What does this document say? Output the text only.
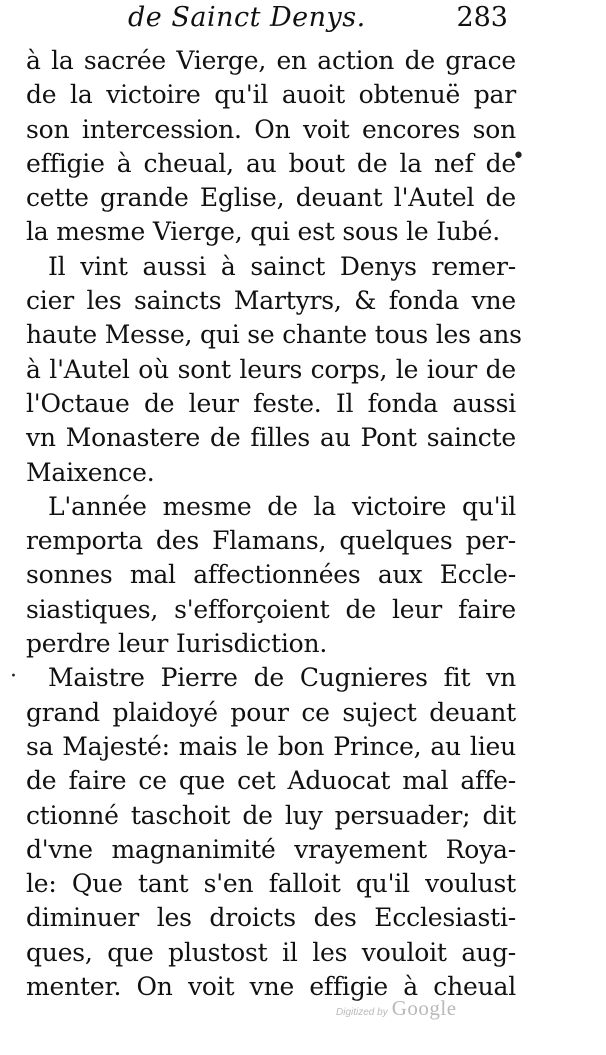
de Sainct Denys.	283
à la sacrée Vierge, en action de grace
de la victoire qu'il auoit obtenuë par
son intercession. On voit encores son
effigie à cheual, au bout de la nef de
cette grande Eglise, deuant l'Autel de
la mesme Vierge, qui est sous le Iubé.
Il vint aussi à sainct Denys remer-
cier les saincts Martyrs, & fonda vne
haute Messe, qui se chante tous les ans
à l'Autel où sont leurs corps, le iour de
l'Octaue de leur feste. Il fonda aussi
vn Monastere de filles au Pont saincte
Maixence.
L'année mesme de la victoire qu'il
remporta des Flamans, quelques per-
sonnes mal affectionnées aux Eccle-
siastiques, s'efforçoient de leur faire
perdre leur Iurisdiction.
Maistre Pierre de Cugnieres fit vn
grand plaidoyé pour ce suject deuant
sa Majesté: mais le bon Prince, au lieu
de faire ce que cet Aduocat mal affe-
ctionné taschoit de luy persuader; dit
d'vne magnanimité vrayement Roya-
le: Que tant s'en falloit qu'il voulust
diminuer les droicts des Ecclesiasti-
ques, que plustost il les vouloit aug-
menter. On voit vne effigie à cheual
•
·
Digitized by Google
